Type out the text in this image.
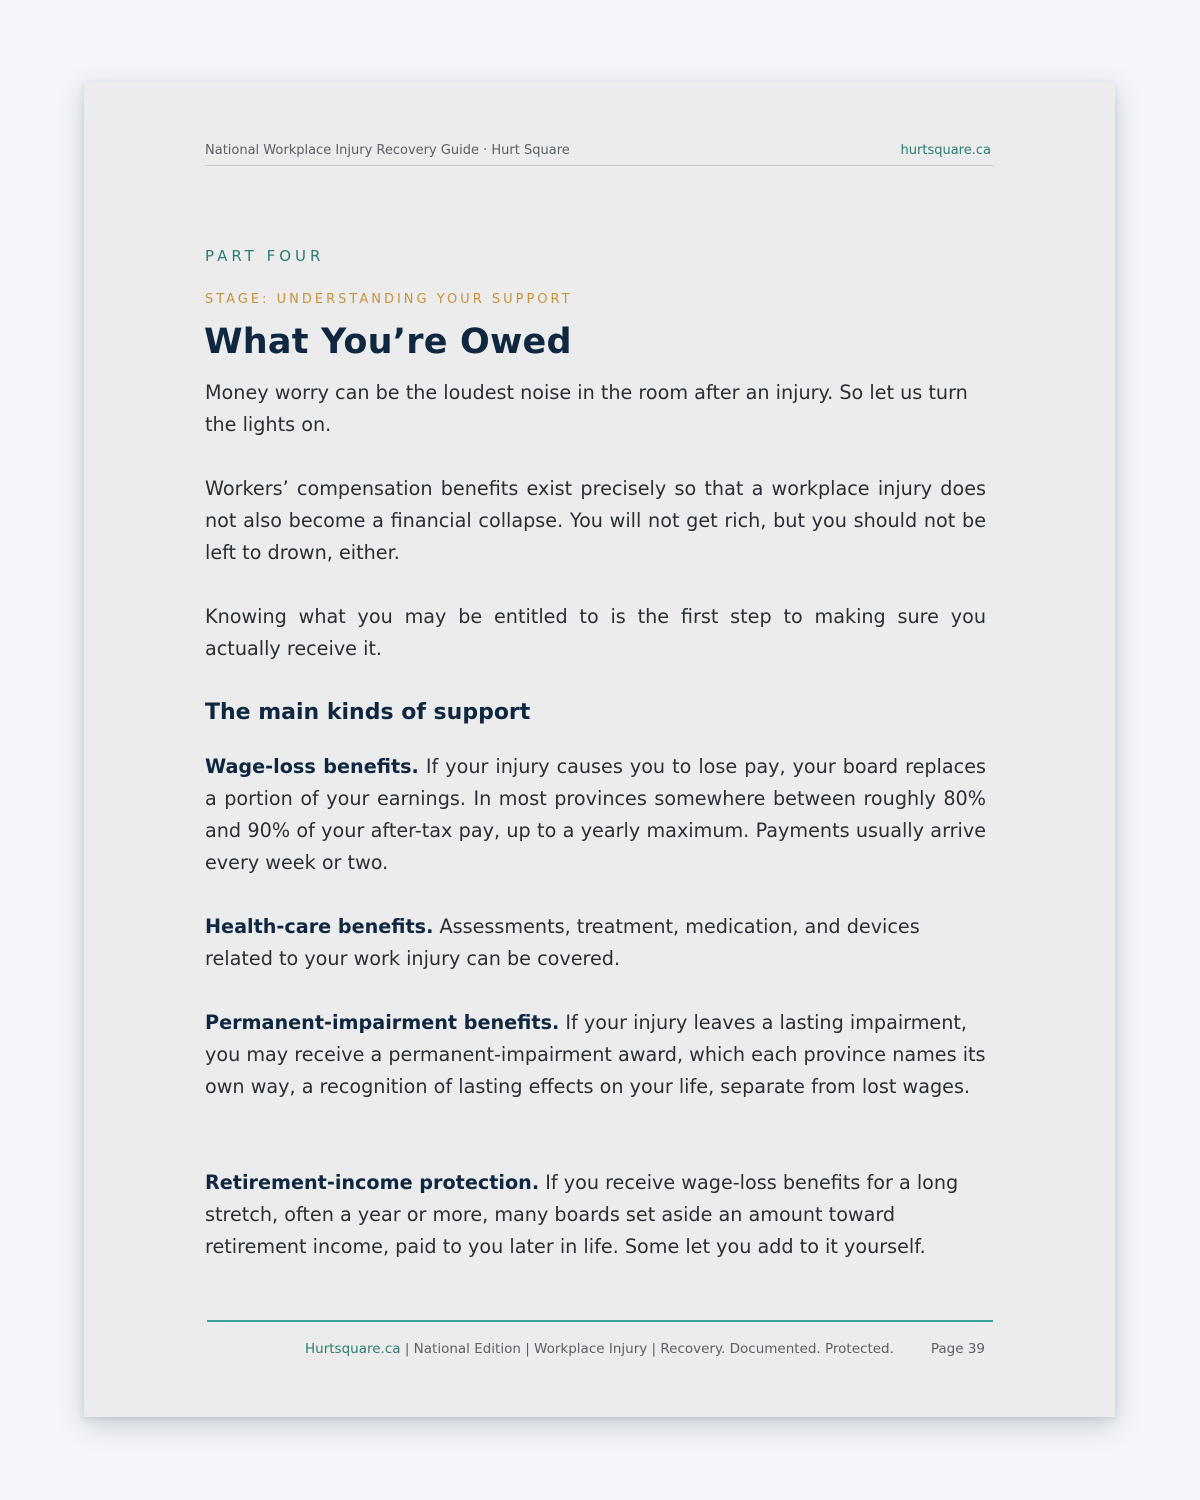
National Workplace Injury Recovery Guide · Hurt Square	hurtsquare.ca
PART FOUR
STAGE: UNDERSTANDING YOUR SUPPORT
What You’re Owed

Money worry can be the loudest noise in the room after an injury. So let us turn the lights on.

Workers’ compensation benefits exist precisely so that a workplace injury does not also become a financial collapse. You will not get rich, but you should not be left to drown, either.

Knowing what you may be entitled to is the first step to making sure you actually receive it.

The main kinds of support

Wage-loss benefits. If your injury causes you to lose pay, your board replaces a portion of your earnings. In most provinces somewhere between roughly 80% and 90% of your after-tax pay, up to a yearly maximum. Payments usually arrive every week or two.

Health-care benefits. Assessments, treatment, medication, and devices related to your work injury can be covered.

Permanent-impairment benefits. If your injury leaves a lasting impairment, you may receive a permanent-impairment award, which each province names its own way, a recognition of lasting effects on your life, separate from lost wages.

Retirement-income protection. If you receive wage-loss benefits for a long stretch, often a year or more, many boards set aside an amount toward retirement income, paid to you later in life. Some let you add to it yourself.

Hurtsquare.ca | National Edition | Workplace Injury | Recovery. Documented. Protected.	Page 39
